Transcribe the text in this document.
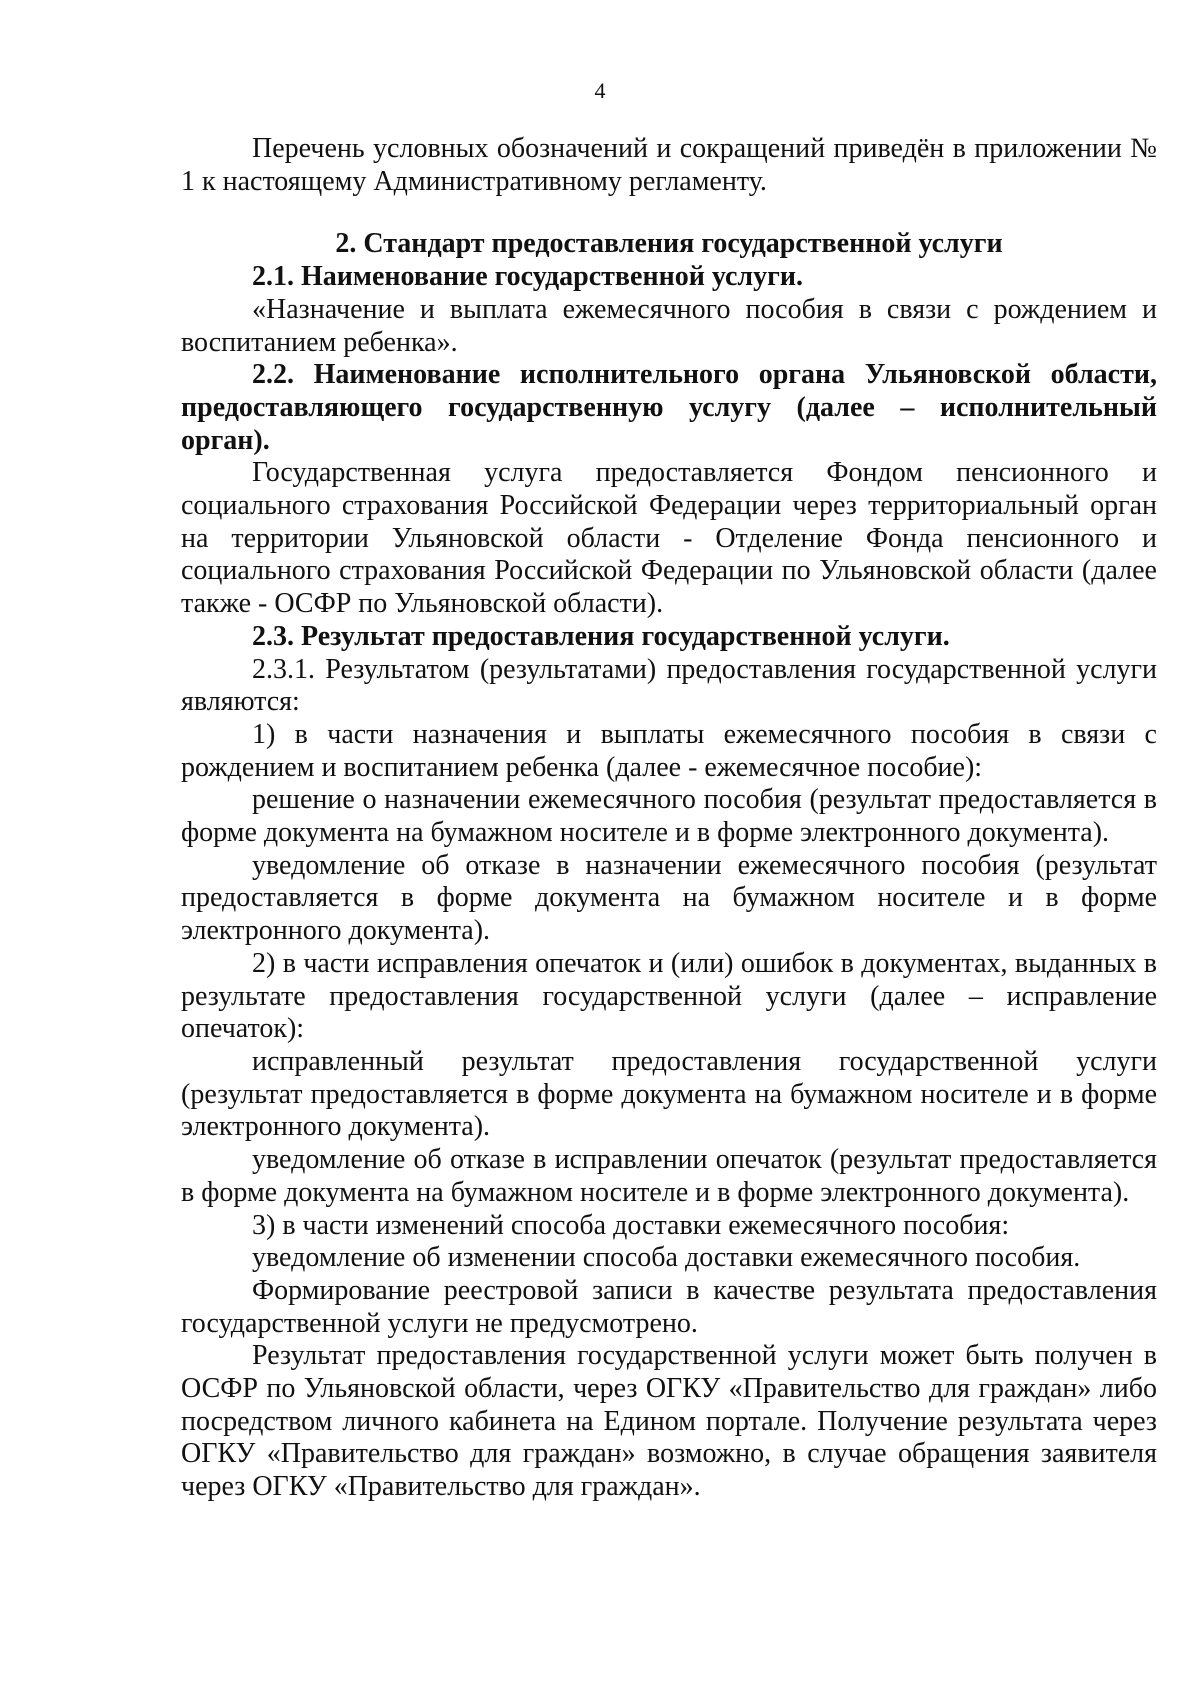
4

Перечень условных обозначений и сокращений приведён в приложении № 1 к настоящему Административному регламенту.

2. Стандарт предоставления государственной услуги

2.1. Наименование государственной услуги.

«Назначение и выплата ежемесячного пособия в связи с рождением и воспитанием ребенка».

2.2. Наименование исполнительного органа Ульяновской области, предоставляющего государственную услугу (далее – исполнительный орган).

Государственная услуга предоставляется Фондом пенсионного и социального страхования Российской Федерации через территориальный орган на территории Ульяновской области - Отделение Фонда пенсионного и социального страхования Российской Федерации по Ульяновской области (далее также - ОСФР по Ульяновской области).

2.3. Результат предоставления государственной услуги.

2.3.1. Результатом (результатами) предоставления государственной услуги являются:

1) в части назначения и выплаты ежемесячного пособия в связи с рождением и воспитанием ребенка (далее - ежемесячное пособие):

решение о назначении ежемесячного пособия (результат предоставляется в форме документа на бумажном носителе и в форме электронного документа).

уведомление об отказе в назначении ежемесячного пособия (результат предоставляется в форме документа на бумажном носителе и в форме электронного документа).

2) в части исправления опечаток и (или) ошибок в документах, выданных в результате предоставления государственной услуги (далее – исправление опечаток):

исправленный результат предоставления государственной услуги (результат предоставляется в форме документа на бумажном носителе и в форме электронного документа).

уведомление об отказе в исправлении опечаток (результат предоставляется в форме документа на бумажном носителе и в форме электронного документа).

3) в части изменений способа доставки ежемесячного пособия:

уведомление об изменении способа доставки ежемесячного пособия.

Формирование реестровой записи в качестве результата предоставления государственной услуги не предусмотрено.

Результат предоставления государственной услуги может быть получен в ОСФР по Ульяновской области, через ОГКУ «Правительство для граждан» либо посредством личного кабинета на Едином портале. Получение результата через ОГКУ «Правительство для граждан» возможно, в случае обращения заявителя через ОГКУ «Правительство для граждан».
